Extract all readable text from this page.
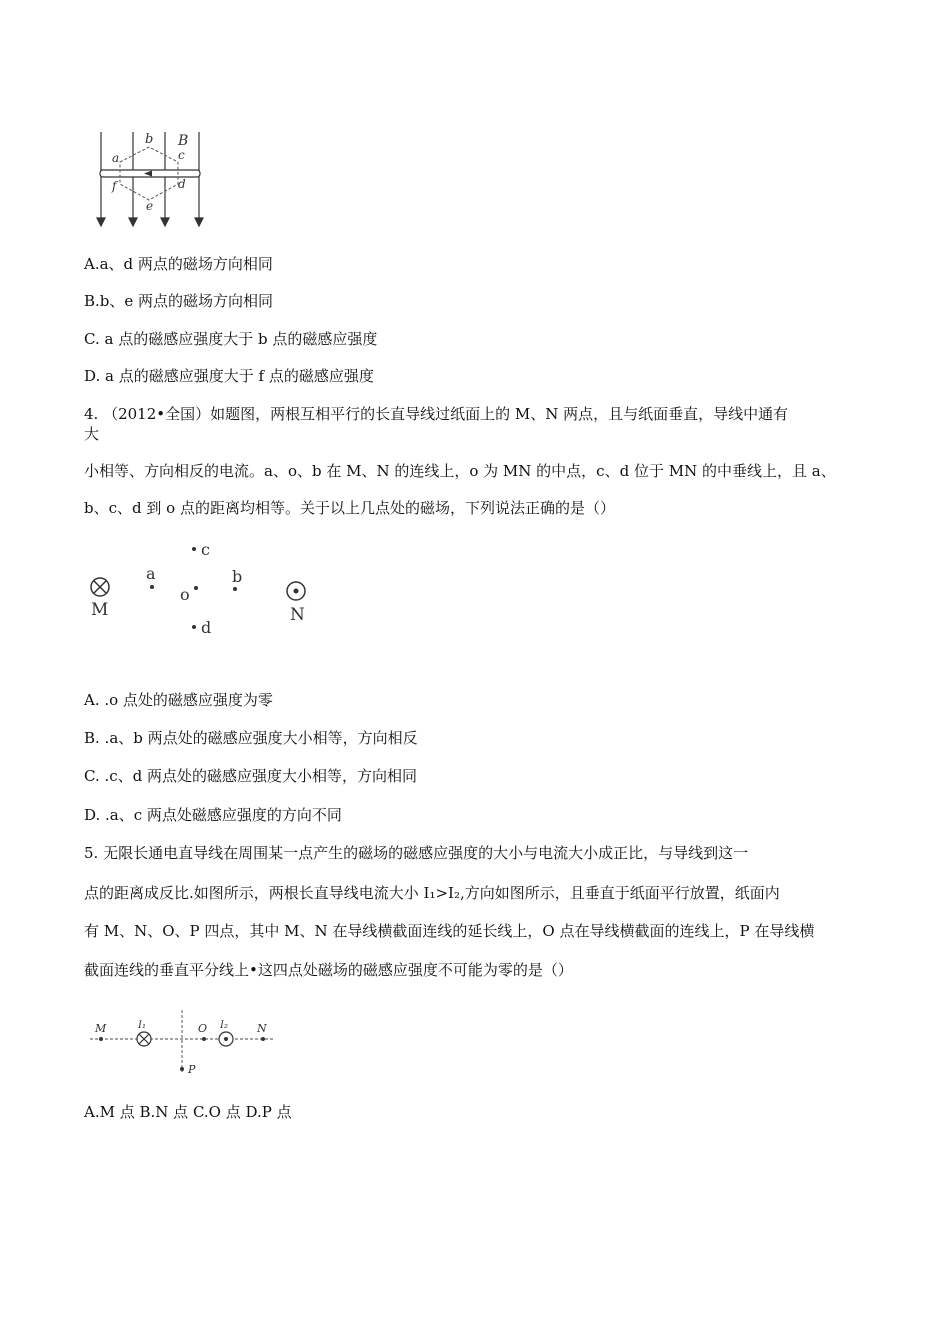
b B
a	c
f	d
e
A.a、d 两点的磁场方向相同
B.b、e 两点的磁场方向相同
C. a 点的磁感应强度大于 b 点的磁感应强度
D. a 点的磁感应强度大于 f 点的磁感应强度
4. （2012•全国）如题图，两根互相平行的长直导线过纸面上的 M、N 两点，且与纸面垂直，导线中通有
大
小相等、方向相反的电流。a、o、b 在 M、N 的连线上，o 为 MN 的中点，c、d 位于 MN 的中垂线上，且 a、
b、c、d 到 o 点的距离均相等。关于以上几点处的磁场，下列说法正确的是（）
M
a
o
c
d
b
N
A. .o 点处的磁感应强度为零
B. .a、b 两点处的磁感应强度大小相等，方向相反
C. .c、d 两点处的磁感应强度大小相等，方向相同
D. .a、c 两点处磁感应强度的方向不同
5. 无限长通电直导线在周围某一点产生的磁场的磁感应强度的大小与电流大小成正比，与导线到这一
点的距离成反比.如图所示，两根长直导线电流大小 I₁>I₂,方向如图所示，且垂直于纸面平行放置，纸面内
有 M、N、O、P 四点，其中 M、N 在导线横截面连线的延长线上，O 点在导线横截面的连线上，P 在导线横
截面连线的垂直平分线上•这四点处磁场的磁感应强度不可能为零的是（）
M	I₁	O I₂	N
P
A.M 点 B.N 点 C.O 点 D.P 点
